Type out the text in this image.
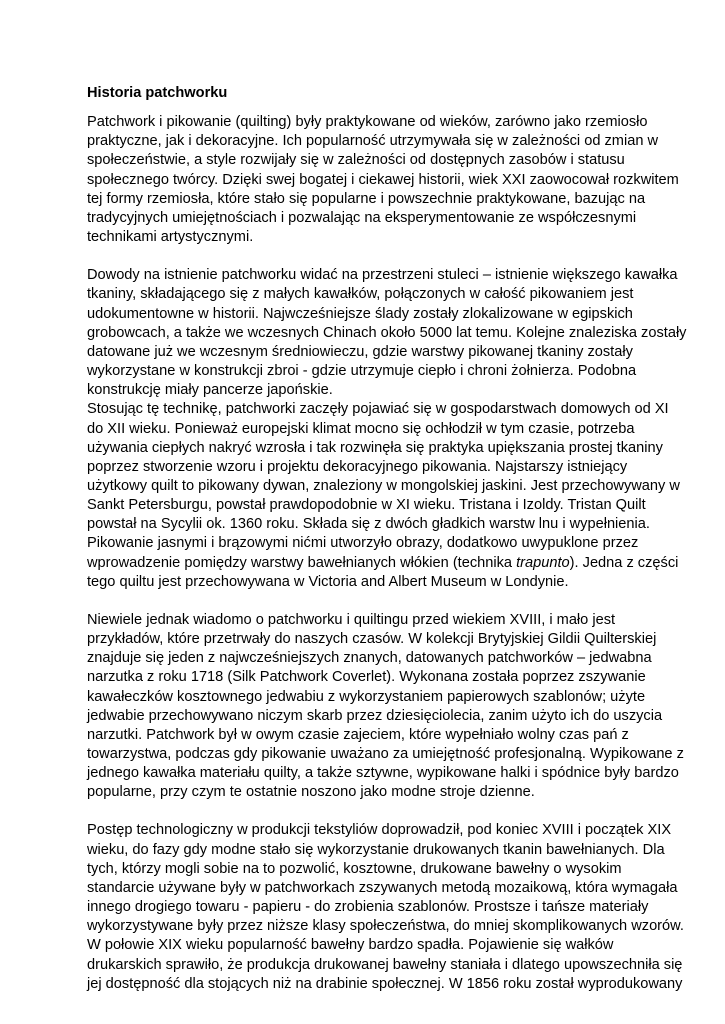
Historia patchworku

Patchwork i pikowanie (quilting) były praktykowane od wieków, zarówno jako rzemiosło
praktyczne, jak i dekoracyjne. Ich popularność utrzymywała się w zależności od zmian w
społeczeństwie, a style rozwijały się w zależności od dostępnych zasobów i statusu
społecznego twórcy. Dzięki swej bogatej i ciekawej historii, wiek XXI zaowocował rozkwitem
tej formy rzemiosła, które stało się popularne i powszechnie praktykowane, bazując na
tradycyjnych umiejętnościach i pozwalając na eksperymentowanie ze współczesnymi
technikami artystycznymi.

Dowody na istnienie patchworku widać na przestrzeni stuleci – istnienie większego kawałka
tkaniny, składającego się z małych kawałków, połączonych w całość pikowaniem jest
udokumentowne w historii. Najwcześniejsze ślady zostały zlokalizowane w egipskich
grobowcach, a także we wczesnych Chinach około 5000 lat temu. Kolejne znaleziska zostały
datowane już we wczesnym średniowieczu, gdzie warstwy pikowanej tkaniny zostały
wykorzystane w konstrukcji zbroi - gdzie utrzymuje ciepło i chroni żołnierza. Podobna
konstrukcję miały pancerze japońskie.
Stosując tę technikę, patchworki zaczęły pojawiać się w gospodarstwach domowych od XI
do XII wieku. Ponieważ europejski klimat mocno się ochłodził w tym czasie, potrzeba
używania ciepłych nakryć wzrosła i tak rozwinęła się praktyka upiększania prostej tkaniny
poprzez stworzenie wzoru i projektu dekoracyjnego pikowania. Najstarszy istniejący
użytkowy quilt to pikowany dywan, znaleziony w mongolskiej jaskini. Jest przechowywany w
Sankt Petersburgu, powstał prawdopodobnie w XI wieku. Tristana i Izoldy. Tristan Quilt
powstał na Sycylii ok. 1360 roku. Składa się z dwóch gładkich warstw lnu i wypełnienia.
Pikowanie jasnymi i brązowymi nićmi utworzyło obrazy, dodatkowo uwypuklone przez
wprowadzenie pomiędzy warstwy bawełnianych włókien (technika trapunto). Jedna z części
tego quiltu jest przechowywana w Victoria and Albert Museum w Londynie.

Niewiele jednak wiadomo o patchworku i quiltingu przed wiekiem XVIII, i mało jest
przykładów, które przetrwały do naszych czasów. W kolekcji Brytyjskiej Gildii Quilterskiej
znajduje się jeden z najwcześniejszych znanych, datowanych patchworków – jedwabna
narzutka z roku 1718 (Silk Patchwork Coverlet). Wykonana została poprzez zszywanie
kawałeczków kosztownego jedwabiu z wykorzystaniem papierowych szablonów; użyte
jedwabie przechowywano niczym skarb przez dziesięciolecia, zanim użyto ich do uszycia
narzutki. Patchwork był w owym czasie zajeciem, które wypełniało wolny czas pań z
towarzystwa, podczas gdy pikowanie uważano za umiejętność profesjonalną. Wypikowane z
jednego kawałka materiału quilty, a także sztywne, wypikowane halki i spódnice były bardzo
popularne, przy czym te ostatnie noszono jako modne stroje dzienne.

Postęp technologiczny w produkcji tekstyliów doprowadził, pod koniec XVIII i początek XIX
wieku, do fazy gdy modne stało się wykorzystanie drukowanych tkanin bawełnianych. Dla
tych, którzy mogli sobie na to pozwolić, kosztowne, drukowane bawełny o wysokim
standarcie używane były w patchworkach zszywanych metodą mozaikową, która wymagała
innego drogiego towaru - papieru - do zrobienia szablonów. Prostsze i tańsze materiały
wykorzystywane były przez niższe klasy społeczeństwa, do mniej skomplikowanych wzorów.
W połowie XIX wieku popularność bawełny bardzo spadła. Pojawienie się wałków
drukarskich sprawiło, że produkcja drukowanej bawełny staniała i dlatego upowszechniła się
jej dostępność dla stojących niż na drabinie społecznej. W 1856 roku został wyprodukowany
